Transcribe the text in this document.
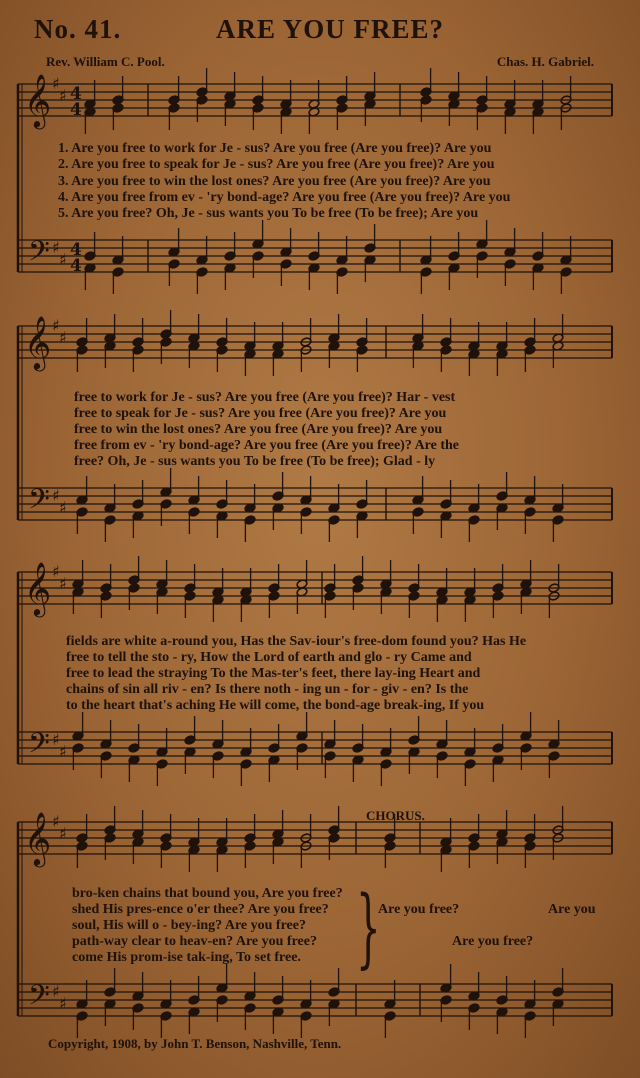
No. 41.	ARE YOU FREE?
Rev. William C. Pool.	Chas. H. Gabriel.
𝄞
𝄢
♯
♯
♯
♯
4
4
4
4
𝄞
𝄢
♯
♯
♯
♯
𝄞
𝄢
♯
♯
♯
♯
𝄞
𝄢
♯
♯
♯
♯
1. Are you free to work for Je - sus? Are you free (Are you free)? Are you
2. Are you free to speak for Je - sus? Are you free (Are you free)? Are you
3. Are you free to win the lost ones? Are you free (Are you free)? Are you
4. Are you free from ev - 'ry bond-age? Are you free (Are you free)? Are you
5. Are you free? Oh, Je - sus wants you To be free (To be free); Are you
free to work for Je - sus? Are you free (Are you free)? Har - vest
free to speak for Je - sus? Are you free (Are you free)? Are you
free to win the lost ones? Are you free (Are you free)? Are you
free from ev - 'ry bond-age? Are you free (Are you free)? Are the
free? Oh, Je - sus wants you To be free (To be free); Glad - ly
fields are white a-round you, Has the Sav-iour's free-dom found you? Has He
free to tell the sto - ry, How the Lord of earth and glo - ry Came and
free to lead the straying To the Mas-ter's feet, there lay-ing Heart and
chains of sin all riv - en? Is there noth - ing un - for - giv - en? Is the
to the heart that's aching He will come, the bond-age break-ing, If you
CHORUS.
bro-ken chains that bound you, Are you free?
shed His pres-ence o'er thee? Are you free?
soul, His will o - bey-ing? Are you free?
path-way clear to heav-en? Are you free?
come His prom-ise tak-ing, To set free. }
Are you free?	Are you
Are you free?
Copyright, 1908, by John T. Benson, Nashville, Tenn.
